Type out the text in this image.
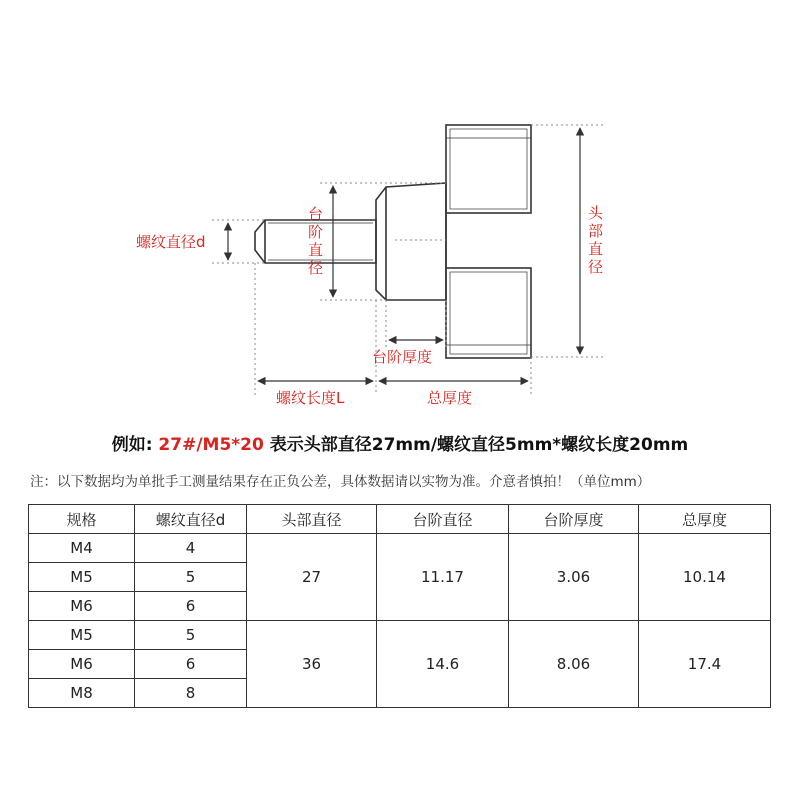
螺纹直径d
台
阶
直
径
头
部
直
径
台阶厚度
螺纹长度L	总厚度
例如: 27#/M5*20 表示头部直径27mm/螺纹直径5mm*螺纹长度20mm
注：以下数据均为单批手工测量结果存在正负公差，具体数据请以实物为准。介意者慎拍！（单位mm）
规格	螺纹直径d	头部直径	台阶直径	台阶厚度	总厚度
M4	4	27	11.17	3.06	10.14
M5	5				
M6	6				
M5	5	36	14.6	8.06	17.4
M6	6				
M8	8				
